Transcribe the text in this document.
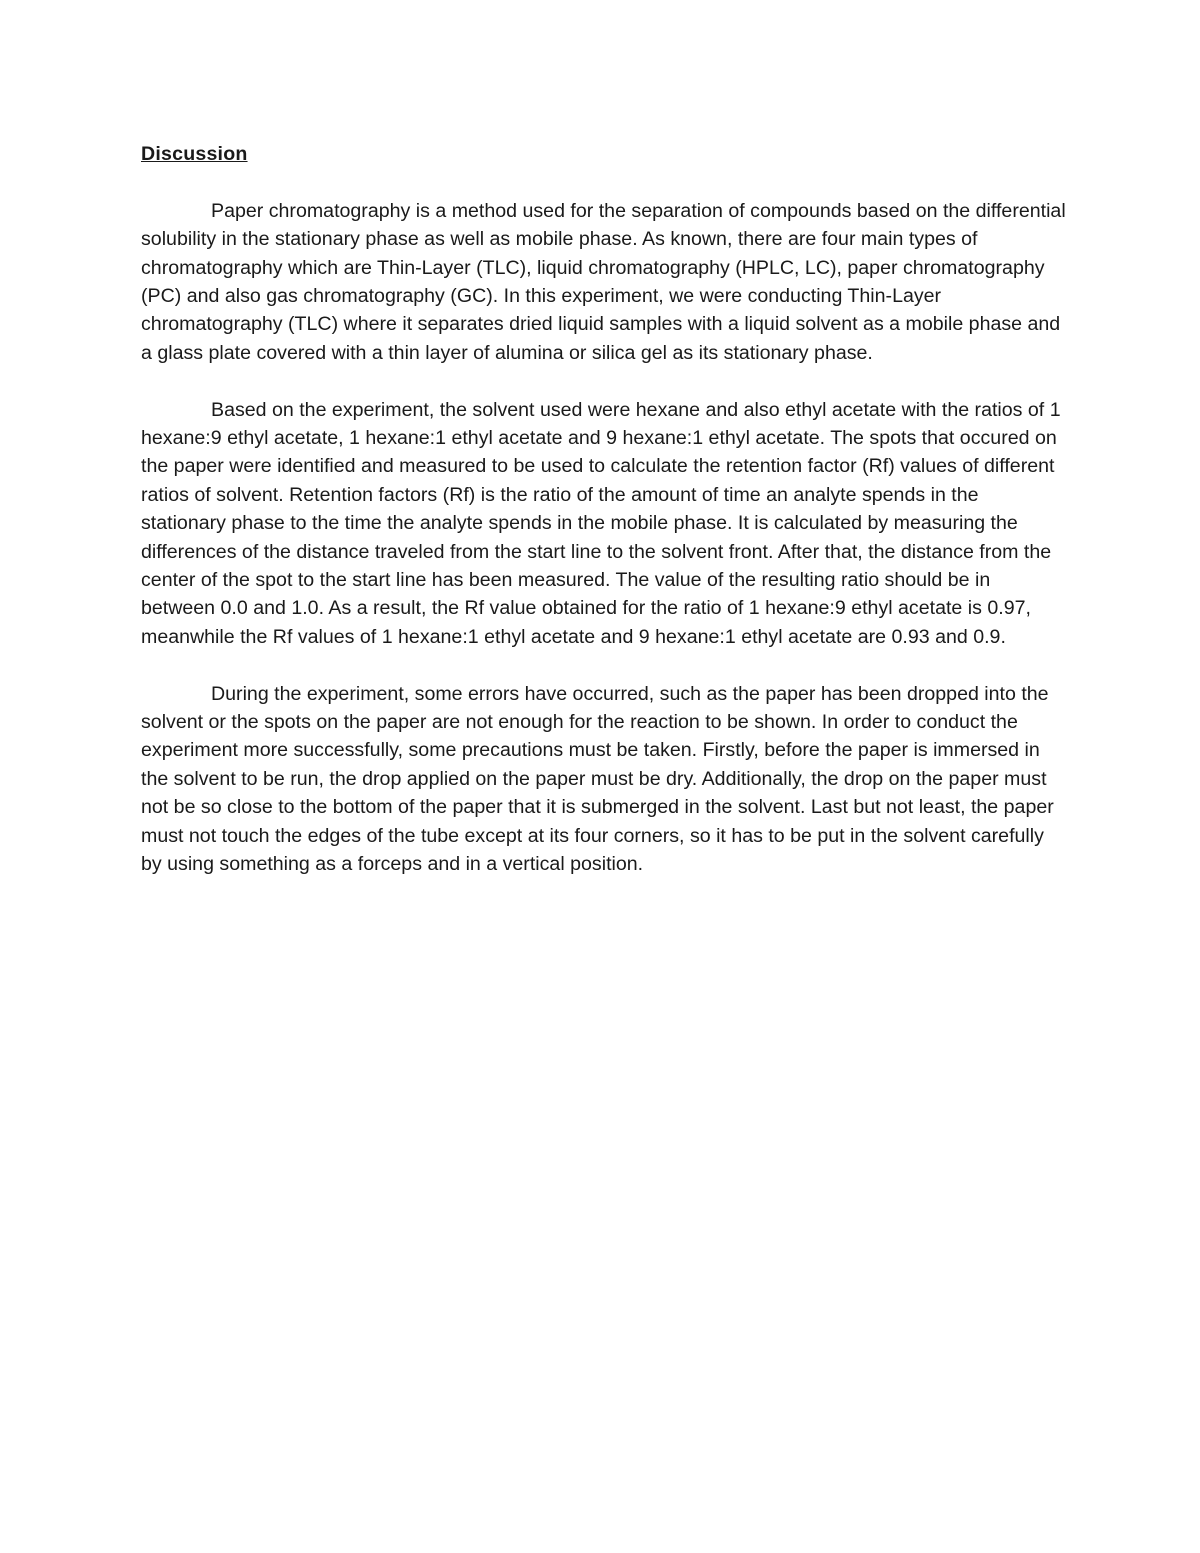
Discussion

Paper chromatography is a method used for the separation of compounds based on the differential solubility in the stationary phase as well as mobile phase. As known, there are four main types of chromatography which are Thin-Layer (TLC), liquid chromatography (HPLC, LC), paper chromatography (PC) and also gas chromatography (GC). In this experiment, we were conducting Thin-Layer chromatography (TLC) where it separates dried liquid samples with a liquid solvent as a mobile phase and a glass plate covered with a thin layer of alumina or silica gel as its stationary phase.

Based on the experiment, the solvent used were hexane and also ethyl acetate with the ratios of 1 hexane:9 ethyl acetate, 1 hexane:1 ethyl acetate and 9 hexane:1 ethyl acetate. The spots that occured on the paper were identified and measured to be used to calculate the retention factor (Rf) values of different ratios of solvent. Retention factors (Rf) is the ratio of the amount of time an analyte spends in the stationary phase to the time the analyte spends in the mobile phase. It is calculated by measuring the differences of the distance traveled from the start line to the solvent front. After that, the distance from the center of the spot to the start line has been measured. The value of the resulting ratio should be in between 0.0 and 1.0. As a result, the Rf value obtained for the ratio of 1 hexane:9 ethyl acetate is 0.97, meanwhile the Rf values of 1 hexane:1 ethyl acetate and 9 hexane:1 ethyl acetate are 0.93 and 0.9.

During the experiment, some errors have occurred, such as the paper has been dropped into the solvent or the spots on the paper are not enough for the reaction to be shown. In order to conduct the experiment more successfully, some precautions must be taken. Firstly, before the paper is immersed in the solvent to be run, the drop applied on the paper must be dry. Additionally, the drop on the paper must not be so close to the bottom of the paper that it is submerged in the solvent. Last but not least, the paper must not touch the edges of the tube except at its four corners, so it has to be put in the solvent carefully by using something as a forceps and in a vertical position.
